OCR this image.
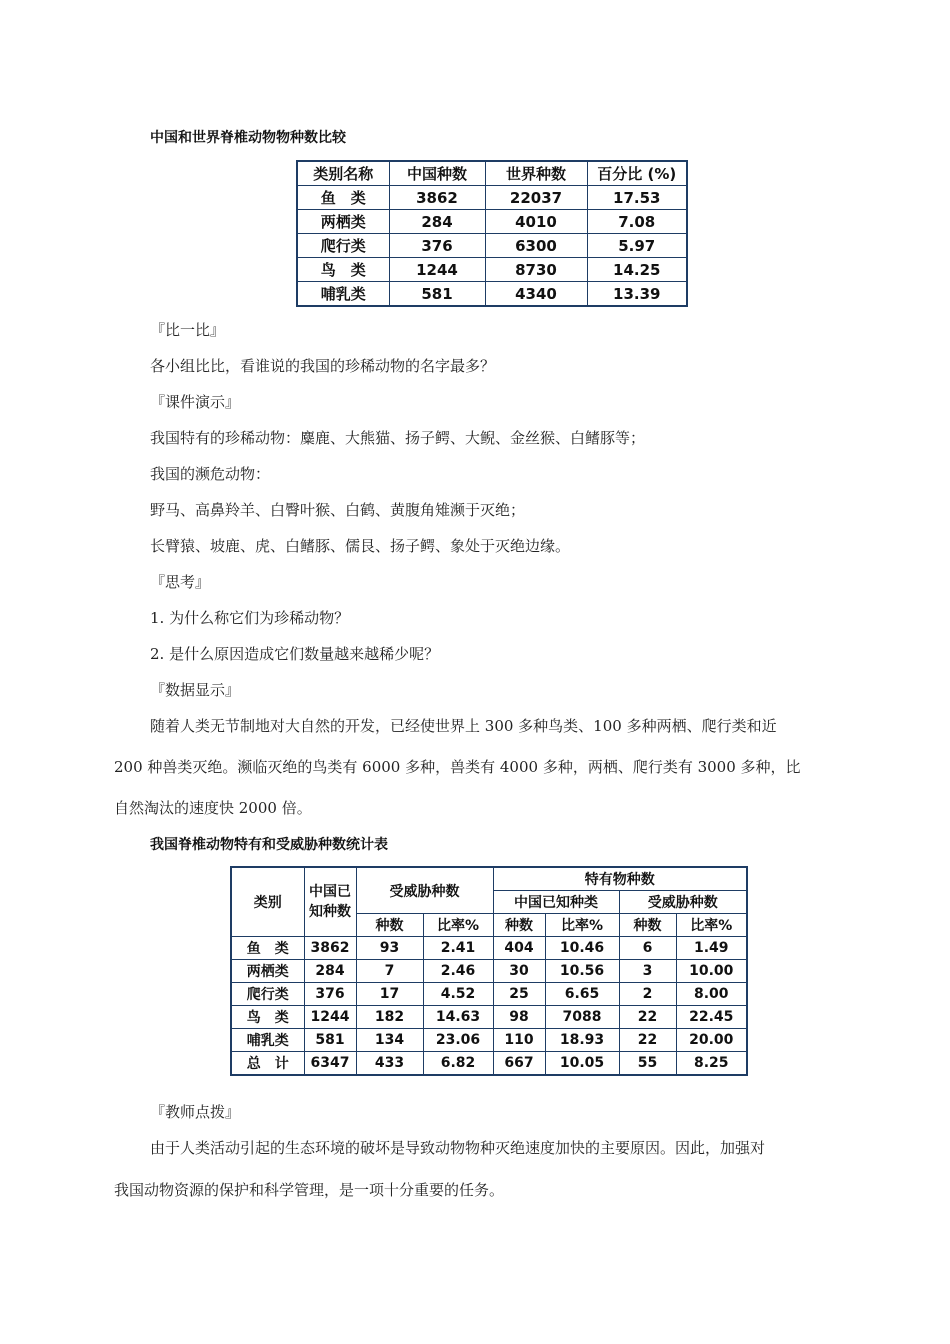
中国和世界脊椎动物物种数比较
类别名称	中国种数	世界种数	百分比 (%)
鱼　类	3862	22037	17.53
两栖类	284	4010	7.08
爬行类	376	6300	5.97
鸟　类	1244	8730	14.25
哺乳类	581	4340	13.39
『比一比』
各小组比比，看谁说的我国的珍稀动物的名字最多？
『课件演示』
我国特有的珍稀动物：麋鹿、大熊猫、扬子鳄、大鲵、金丝猴、白鳍豚等；
我国的濒危动物：
野马、高鼻羚羊、白臀叶猴、白鹤、黄腹角雉濒于灭绝；
长臂猿、坡鹿、虎、白鳍豚、儒艮、扬子鳄、象处于灭绝边缘。
『思考』
1. 为什么称它们为珍稀动物？
2. 是什么原因造成它们数量越来越稀少呢？
『数据显示』
随着人类无节制地对大自然的开发，已经使世界上 300 多种鸟类、100 多种两栖、爬行类和近
200 种兽类灭绝。濒临灭绝的鸟类有 6000 多种，兽类有 4000 多种，两栖、爬行类有 3000 多种，比
自然淘汰的速度快 2000 倍。
我国脊椎动物特有和受威胁种数统计表
类别	中国已知种数	受威胁种数		特有物种数			
				中国已知种类		受威胁种数	
		种数	比率%	种数	比率%	种数	比率%
鱼　类	3862	93	2.41	404	10.46	6	1.49
两栖类	284	7	2.46	30	10.56	3	10.00
爬行类	376	17	4.52	25	6.65	2	8.00
鸟　类	1244	182	14.63	98	7088	22	22.45
哺乳类	581	134	23.06	110	18.93	22	20.00
总　计	6347	433	6.82	667	10.05	55	8.25
『教师点拨』
由于人类活动引起的生态环境的破坏是导致动物物种灭绝速度加快的主要原因。因此，加强对
我国动物资源的保护和科学管理，是一项十分重要的任务。
